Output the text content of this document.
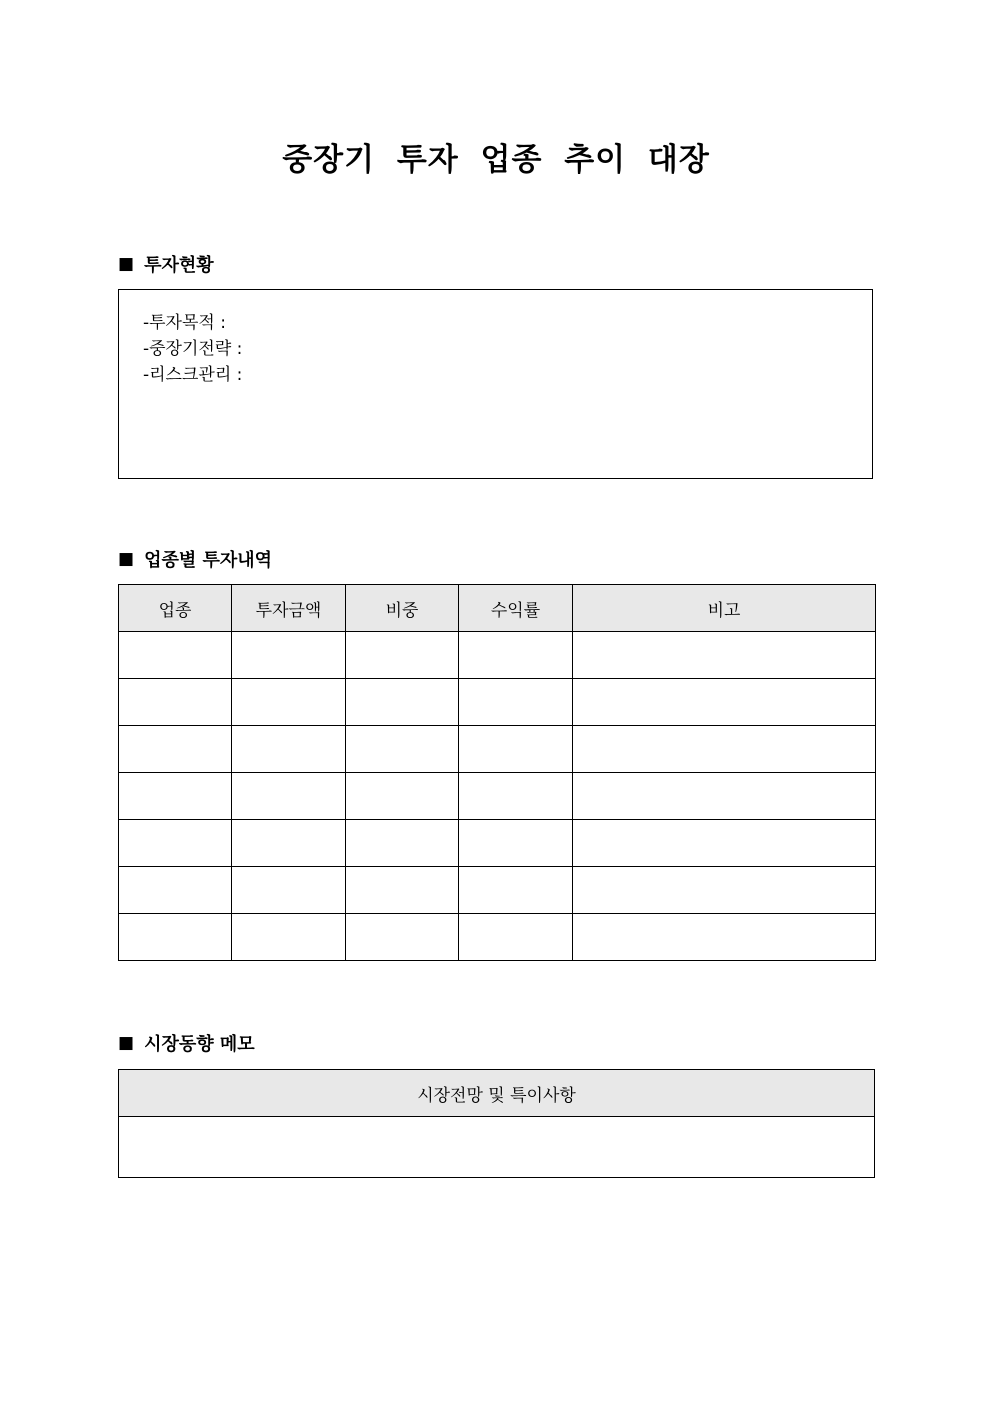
중장기 투자 업종 추이 대장
■ 투자현황
-투자목적 :
-중장기전략 :
-리스크관리 :
■ 업종별 투자내역
업종	투자금액	비중	수익률	비고

■ 시장동향 메모
시장전망 및 특이사항
